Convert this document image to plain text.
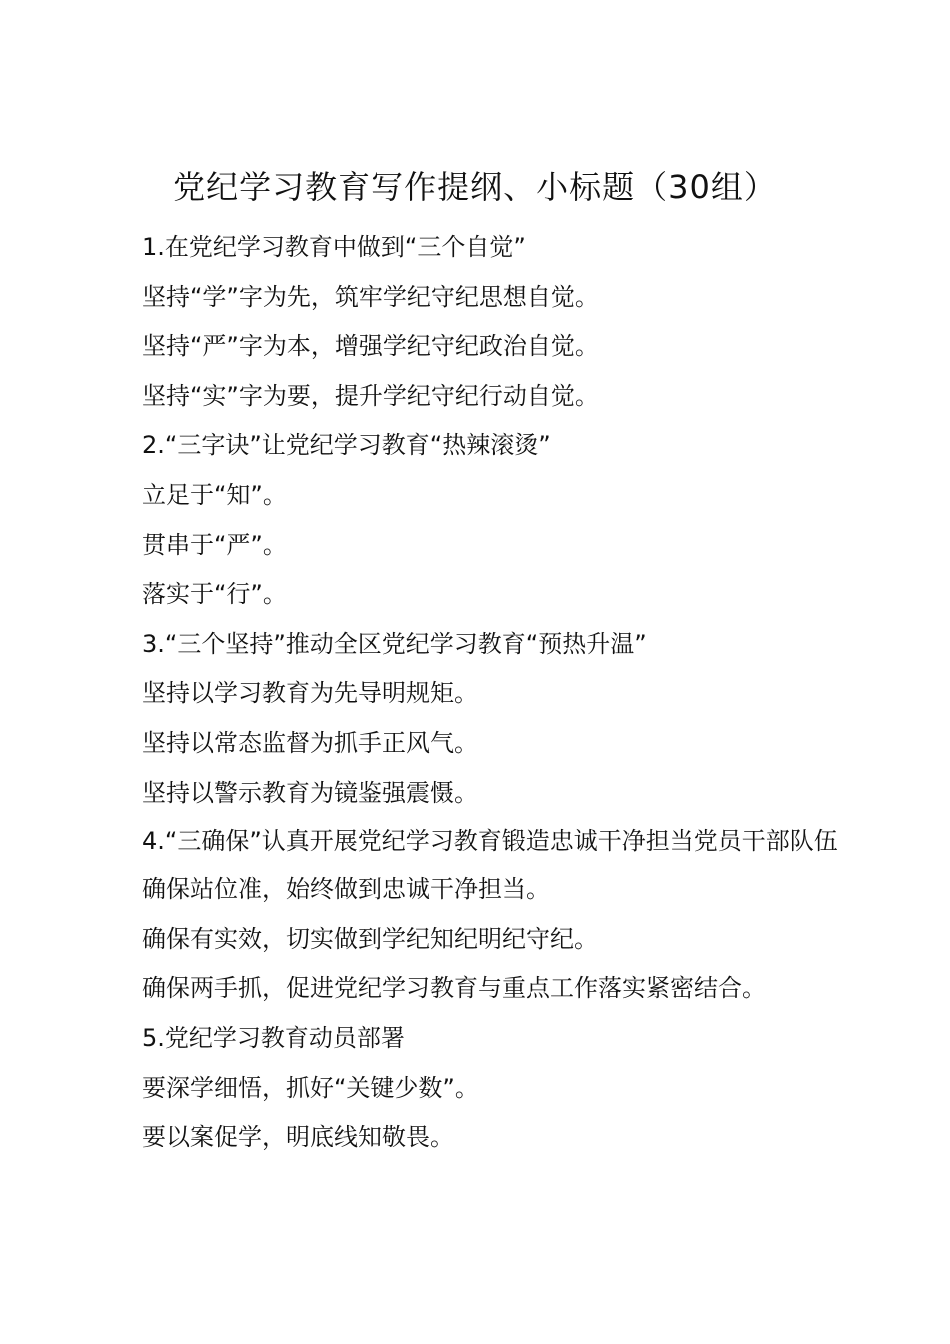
党纪学习教育写作提纲、小标题（30组）
1.在党纪学习教育中做到“三个自觉”
坚持“学”字为先，筑牢学纪守纪思想自觉。
坚持“严”字为本，增强学纪守纪政治自觉。
坚持“实”字为要，提升学纪守纪行动自觉。
2.“三字诀”让党纪学习教育“热辣滚烫”
立足于“知”。
贯串于“严”。
落实于“行”。
3.“三个坚持”推动全区党纪学习教育“预热升温”
坚持以学习教育为先导明规矩。
坚持以常态监督为抓手正风气。
坚持以警示教育为镜鉴强震慑。
4.“三确保”认真开展党纪学习教育锻造忠诚干净担当党员干部队伍
确保站位准，始终做到忠诚干净担当。
确保有实效，切实做到学纪知纪明纪守纪。
确保两手抓，促进党纪学习教育与重点工作落实紧密结合。
5.党纪学习教育动员部署
要深学细悟，抓好“关键少数”。
要以案促学，明底线知敬畏。
